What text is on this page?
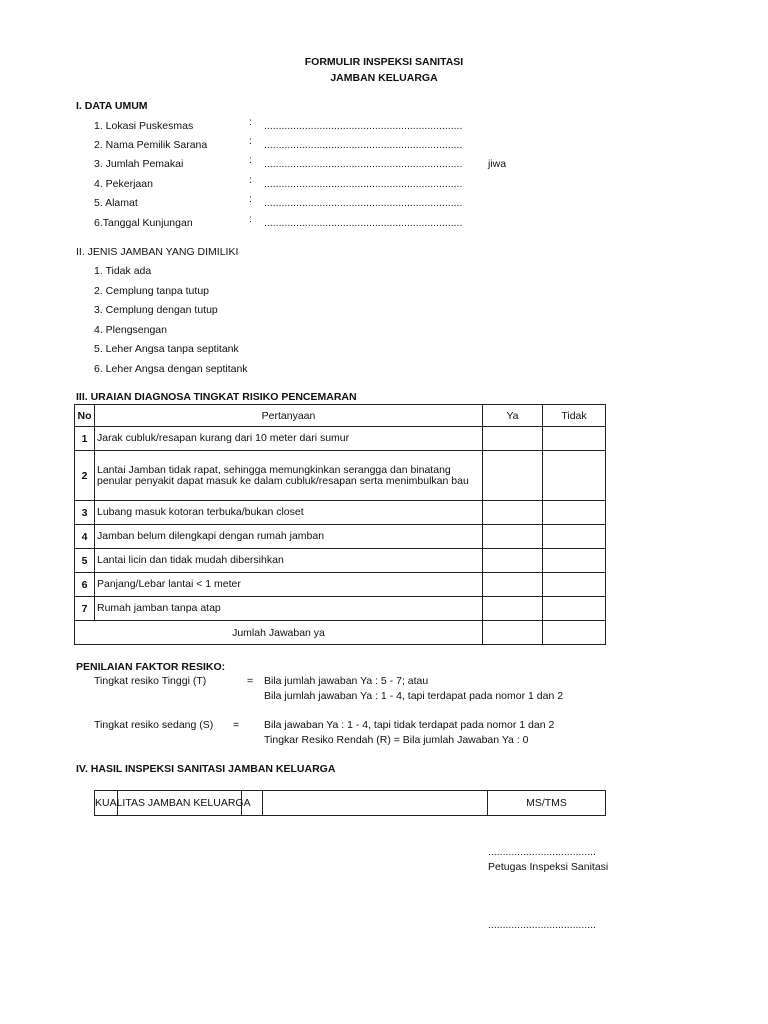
FORMULIR INSPEKSI SANITASI
JAMBAN KELUARGA
I. DATA UMUM
1. Lokasi Puskesmas	: ....................................................................
2. Nama Pemilik Sarana	: ....................................................................
3. Jumlah Pemakai	: .................................................................... jiwa
4. Pekerjaan	: ....................................................................
5. Alamat	: ....................................................................
6.Tanggal Kunjungan	: ....................................................................
II. JENIS JAMBAN YANG DIMILIKI
1. Tidak ada
2. Cemplung tanpa tutup
3. Cemplung dengan tutup
4. Plengsengan
5. Leher Angsa tanpa septitank
6. Leher Angsa dengan septitank
III. URAIAN DIAGNOSA TINGKAT RISIKO PENCEMARAN
No	Pertanyaan	Ya	Tidak
1	Jarak cubluk/resapan kurang dari 10 meter dari sumur		
2	Lantai Jamban tidak rapat, sehingga memungkinkan serangga dan binatang penular penyakit dapat masuk ke dalam cubluk/resapan serta menimbulkan bau		
3	Lubang masuk kotoran terbuka/bukan closet		
4	Jamban belum dilengkapi dengan rumah jamban		
5	Lantai licin dan tidak mudah dibersihkan		
6	Panjang/Lebar lantai < 1 meter		
7	Rumah jamban tanpa atap		
Jumlah Jawaban ya			
PENILAIAN FAKTOR RESIKO:
Tingkat resiko Tinggi (T)	= Bila jumlah jawaban Ya : 5 - 7; atau
Bila jumlah jawaban Ya : 1 - 4, tapi terdapat pada nomor 1 dan 2
Tingkat resiko sedang (S) = Bila jawaban Ya : 1 - 4, tapi tidak terdapat pada nomor 1 dan 2
Tingkar Resiko Rendah (R) = Bila jumlah Jawaban Ya : 0
IV. HASIL INSPEKSI SANITASI JAMBAN KELUARGA
KUALITAS JAMBAN KELUARGA				MS/TMS
.....................................
Petugas Inspeksi Sanitasi
.....................................
